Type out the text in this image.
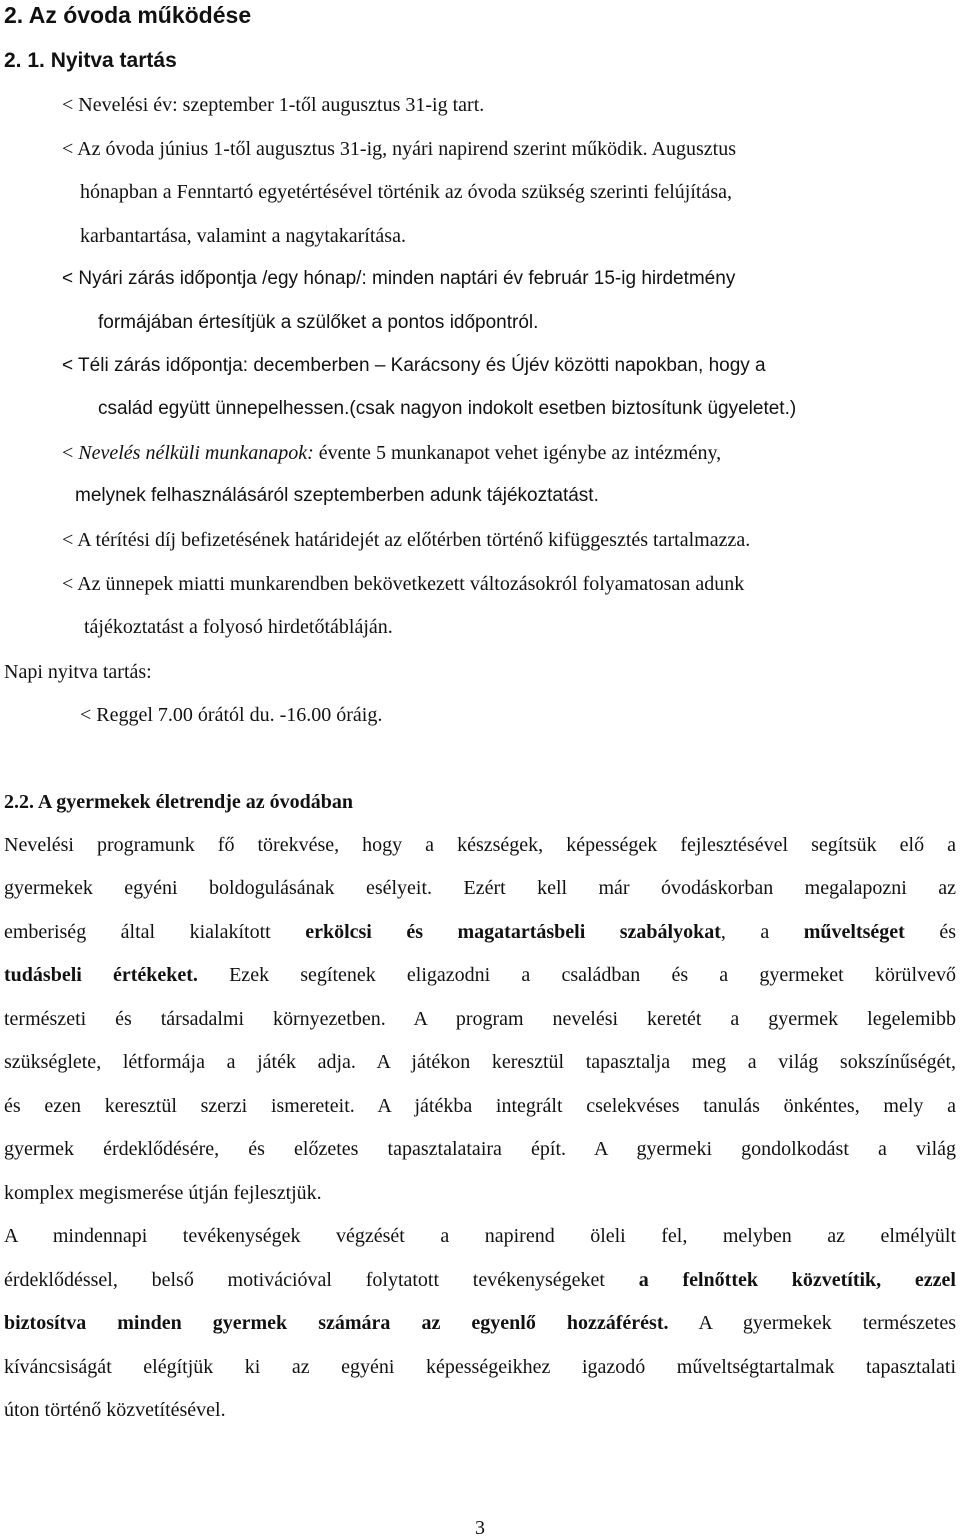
2. Az óvoda működése
2. 1. Nyitva tartás
< Nevelési év: szeptember 1-től augusztus 31-ig tart.
< Az óvoda június 1-től augusztus 31-ig, nyári napirend szerint működik. Augusztus
hónapban a Fenntartó egyetértésével történik az óvoda szükség szerinti felújítása,
karbantartása, valamint a nagytakarítása.
< Nyári zárás időpontja /egy hónap/: minden naptári év február 15-ig hirdetmény
formájában értesítjük a szülőket a pontos időpontról.
< Téli zárás időpontja: decemberben – Karácsony és Újév közötti napokban, hogy a
család együtt ünnepelhessen.(csak nagyon indokolt esetben biztosítunk ügyeletet.)
< Nevelés nélküli munkanapok: évente 5 munkanapot vehet igénybe az intézmény,
melynek felhasználásáról szeptemberben adunk tájékoztatást.
< A térítési díj befizetésének határidejét az előtérben történő kifüggesztés tartalmazza.
< Az ünnepek miatti munkarendben bekövetkezett változásokról folyamatosan adunk
tájékoztatást a folyosó hirdetőtábláján.
Napi nyitva tartás:
< Reggel 7.00 órától du. -16.00 óráig.
2.2. A gyermekek életrendje az óvodában
Nevelési programunk fő törekvése, hogy a készségek, képességek fejlesztésével segítsük elő a
gyermekek egyéni boldogulásának esélyeit. Ezért kell már óvodáskorban megalapozni az
emberiség által kialakított erkölcsi és magatartásbeli szabályokat, a műveltséget és
tudásbeli értékeket. Ezek segítenek eligazodni a családban és a gyermeket körülvevő
természeti és társadalmi környezetben. A program nevelési keretét a gyermek legelemibb
szükséglete, létformája a játék adja. A játékon keresztül tapasztalja meg a világ sokszínűségét,
és ezen keresztül szerzi ismereteit. A játékba integrált cselekvéses tanulás önkéntes, mely a
gyermek érdeklődésére, és előzetes tapasztalataira épít. A gyermeki gondolkodást a világ
komplex megismerése útján fejlesztjük.
A mindennapi tevékenységek végzését a napirend öleli fel, melyben az elmélyült
érdeklődéssel, belső motivációval folytatott tevékenységeket a felnőttek közvetítik, ezzel
biztosítva minden gyermek számára az egyenlő hozzáférést. A gyermekek természetes
kíváncsiságát elégítjük ki az egyéni képességeikhez igazodó műveltségtartalmak tapasztalati
úton történő közvetítésével.
3
